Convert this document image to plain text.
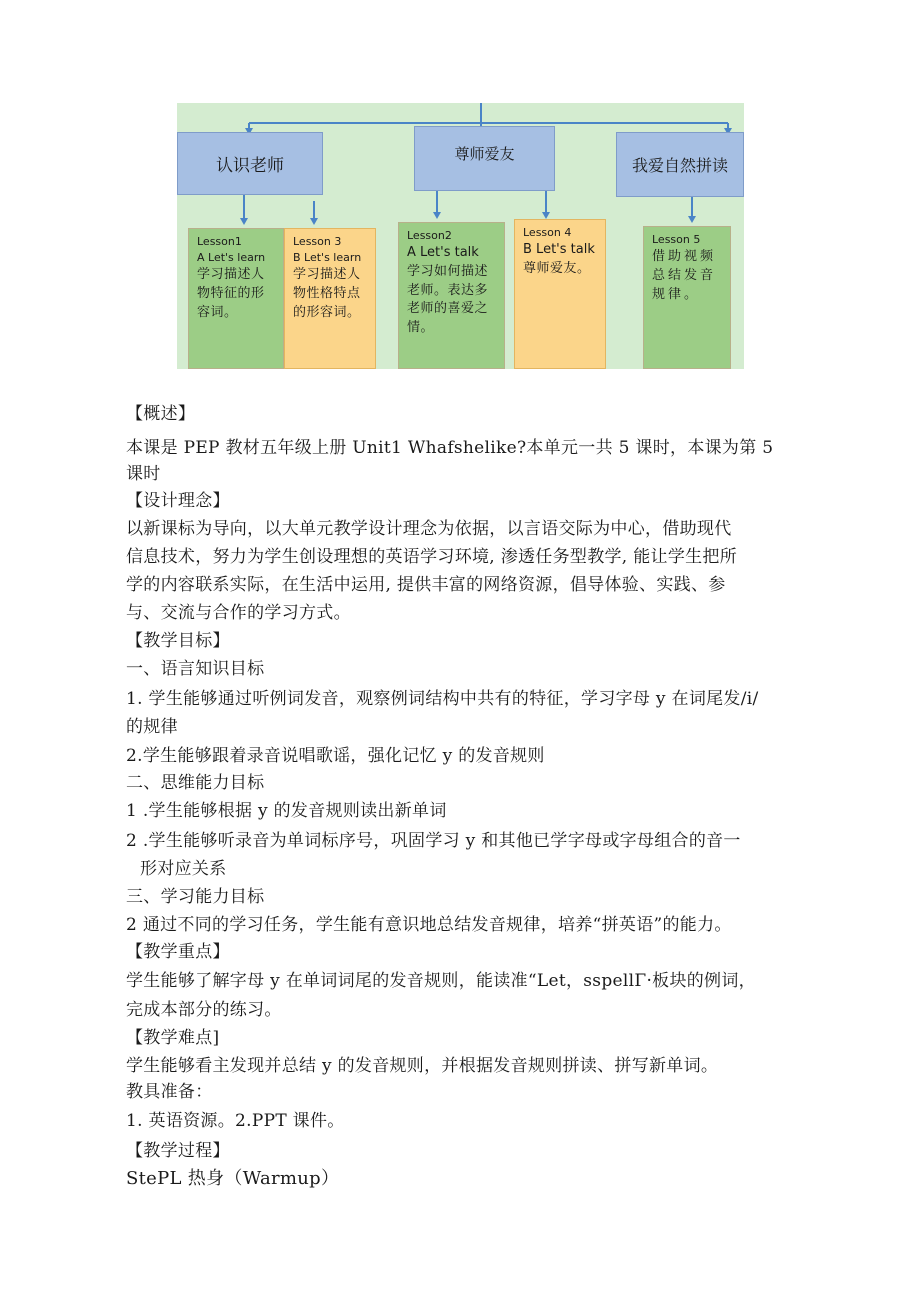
认识老师
尊师爱友
我爱自然拼读
Lesson1
A Let's learn
学习描述人物特征的形容词。
Lesson 3
B Let's learn
学习描述人物性格特点的形容词。
Lesson2
A Let's talk
学习如何描述老师。表达多老师的喜爱之情。
Lesson 4
B Let's talk
尊师爱友。
Lesson 5
借助视频总结发音规律。
【概述】
本课是 PEP 教材五年级上册 Unit1 Whafshelike?本单元一共 5 课时，本课为第 5
课时
【设计理念】
以新课标为导向，以大单元教学设计理念为依据，以言语交际为中心，借助现代
信息技术，努力为学生创设理想的英语学习环境, 渗透任务型教学, 能让学生把所
学的内容联系实际，在生活中运用, 提供丰富的网络资源，倡导体验、实践、参
与、交流与合作的学习方式。
【教学目标】
一、语言知识目标
1. 学生能够通过听例词发音，观察例词结构中共有的特征，学习字母 y 在词尾发/i/
的规律
2.学生能够跟着录音说唱歌谣，强化记忆 y 的发音规则
二、思维能力目标
1 .学生能够根据 y 的发音规则读出新单词
2 .学生能够听录音为单词标序号，巩固学习 y 和其他已学字母或字母组合的音一
形对应关系
三、学习能力目标
2 通过不同的学习任务，学生能有意识地总结发音规律，培养“拼英语”的能力。
【教学重点】
学生能够了解字母 y 在单词词尾的发音规则，能读准“Let，sspellΓ·板块的例词，
完成本部分的练习。
【教学难点]
学生能够看主发现并总结 y 的发音规则，并根据发音规则拼读、拼写新单词。
教具准备：
1. 英语资源。2.PPT 课件。
【教学过程】
StePL 热身（Warmup）
